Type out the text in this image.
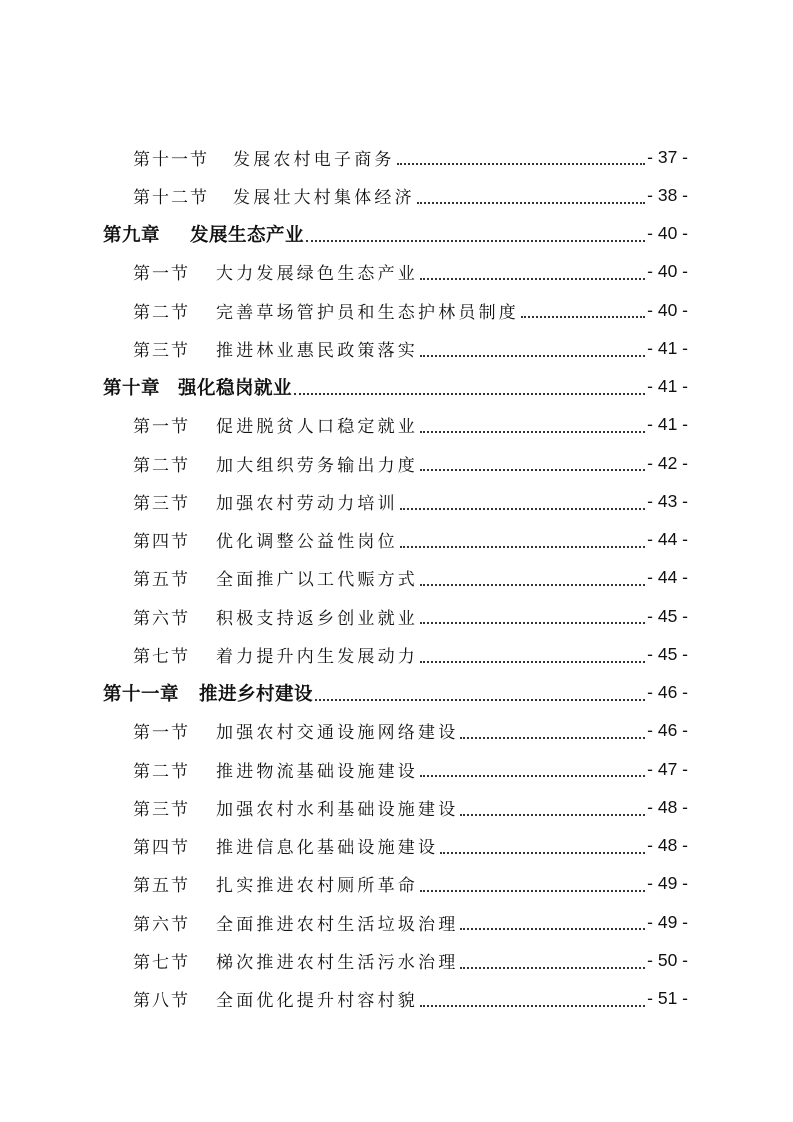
第十一节 发展农村电子商务	- 37 -
第十二节 发展壮大村集体经济	- 38 -
第九章 发展生态产业	- 40 -
第一节 大力发展绿色生态产业	- 40 -
第二节 完善草场管护员和生态护林员制度	- 40 -
第三节 推进林业惠民政策落实	- 41 -
第十章 强化稳岗就业	- 41 -
第一节 促进脱贫人口稳定就业	- 41 -
第二节 加大组织劳务输出力度	- 42 -
第三节 加强农村劳动力培训	- 43 -
第四节 优化调整公益性岗位	- 44 -
第五节 全面推广以工代赈方式	- 44 -
第六节 积极支持返乡创业就业	- 45 -
第七节 着力提升内生发展动力	- 45 -
第十一章 推进乡村建设	- 46 -
第一节 加强农村交通设施网络建设	- 46 -
第二节 推进物流基础设施建设	- 47 -
第三节 加强农村水利基础设施建设	- 48 -
第四节 推进信息化基础设施建设	- 48 -
第五节 扎实推进农村厕所革命	- 49 -
第六节 全面推进农村生活垃圾治理	- 49 -
第七节 梯次推进农村生活污水治理	- 50 -
第八节 全面优化提升村容村貌	- 51 -
